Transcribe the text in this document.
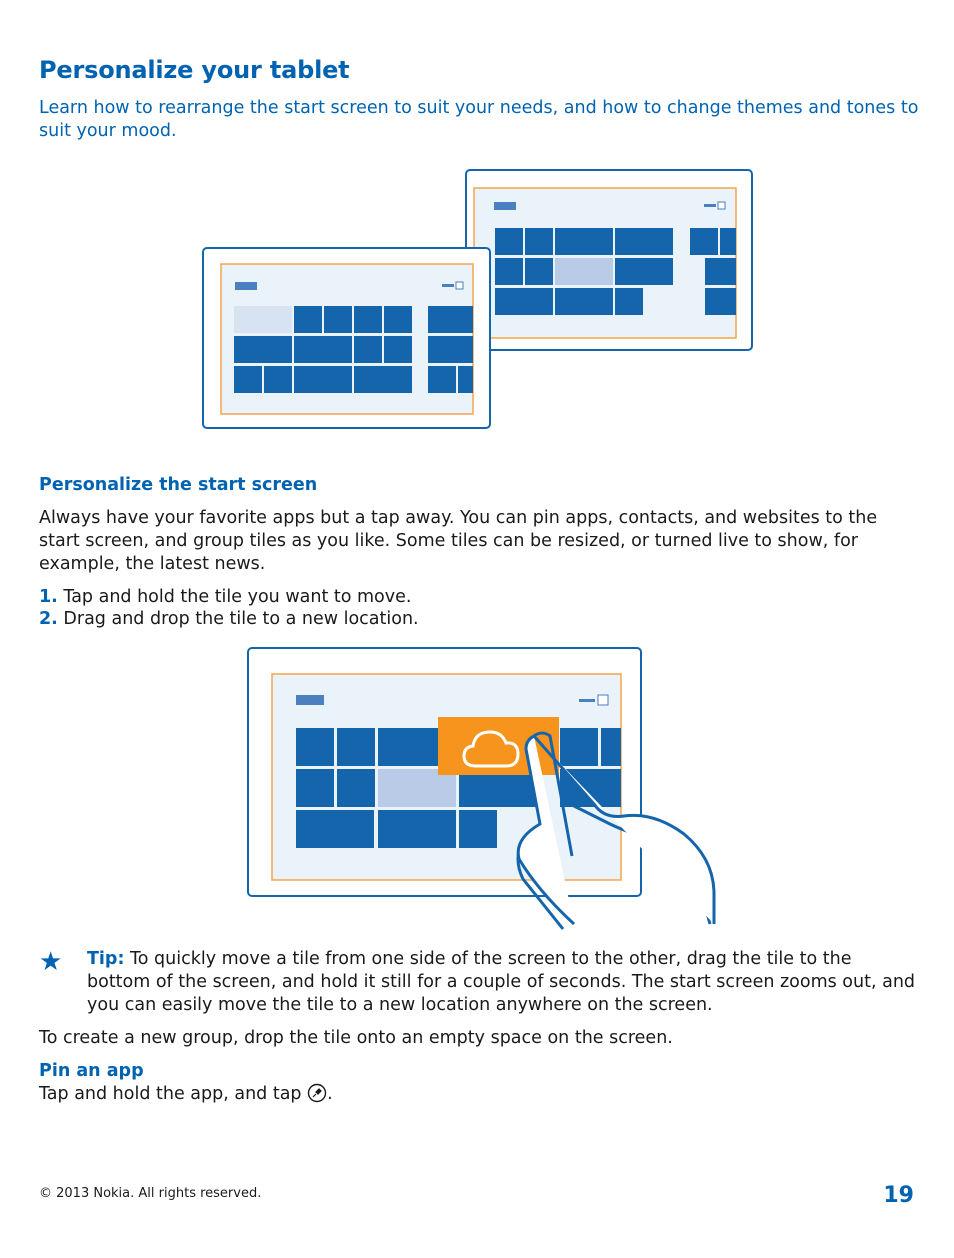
Personalize your tablet

Learn how to rearrange the start screen to suit your needs, and how to change themes and tones to suit your mood.

Personalize the start screen

Always have your favorite apps but a tap away. You can pin apps, contacts, and websites to the start screen, and group tiles as you like. Some tiles can be resized, or turned live to show, for example, the latest news.

1. Tap and hold the tile you want to move.
2. Drag and drop the tile to a new location.
★ Tip: To quickly move a tile from one side of the screen to the other, drag the tile to the bottom of the screen, and hold it still for a couple of seconds. The start screen zooms out, and you can easily move the tile to a new location anywhere on the screen.

To create a new group, drop the tile onto an empty space on the screen.

Pin an app

Tap and hold the app, and tap .
© 2013 Nokia. All rights reserved.	19
